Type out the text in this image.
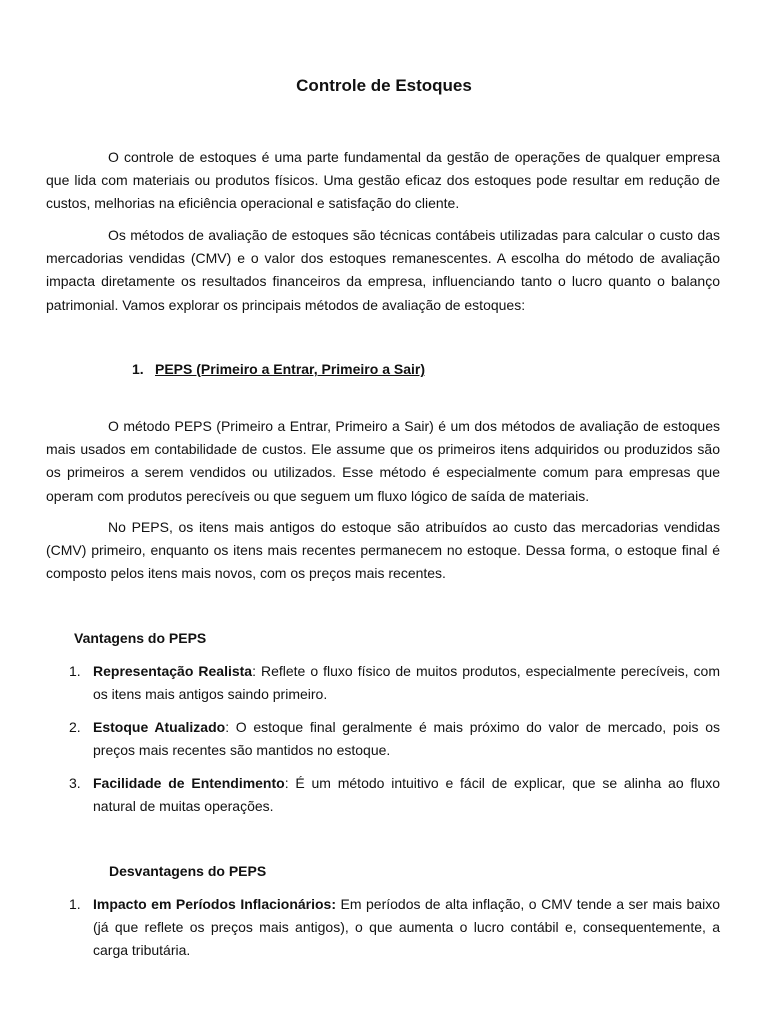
Controle de Estoques

O controle de estoques é uma parte fundamental da gestão de operações de qualquer empresa que lida com materiais ou produtos físicos. Uma gestão eficaz dos estoques pode resultar em redução de custos, melhorias na eficiência operacional e satisfação do cliente.

Os métodos de avaliação de estoques são técnicas contábeis utilizadas para calcular o custo das mercadorias vendidas (CMV) e o valor dos estoques remanescentes. A escolha do método de avaliação impacta diretamente os resultados financeiros da empresa, influenciando tanto o lucro quanto o balanço patrimonial. Vamos explorar os principais métodos de avaliação de estoques:

1. PEPS (Primeiro a Entrar, Primeiro a Sair)

O método PEPS (Primeiro a Entrar, Primeiro a Sair) é um dos métodos de avaliação de estoques mais usados em contabilidade de custos. Ele assume que os primeiros itens adquiridos ou produzidos são os primeiros a serem vendidos ou utilizados. Esse método é especialmente comum para empresas que operam com produtos perecíveis ou que seguem um fluxo lógico de saída de materiais.

No PEPS, os itens mais antigos do estoque são atribuídos ao custo das mercadorias vendidas (CMV) primeiro, enquanto os itens mais recentes permanecem no estoque. Dessa forma, o estoque final é composto pelos itens mais novos, com os preços mais recentes.

Vantagens do PEPS
1. Representação Realista: Reflete o fluxo físico de muitos produtos, especialmente perecíveis, com os itens mais antigos saindo primeiro.

2. Estoque Atualizado: O estoque final geralmente é mais próximo do valor de mercado, pois os preços mais recentes são mantidos no estoque.

3. Facilidade de Entendimento: É um método intuitivo e fácil de explicar, que se alinha ao fluxo natural de muitas operações.

Desvantagens do PEPS
1. Impacto em Períodos Inflacionários: Em períodos de alta inflação, o CMV tende a ser mais baixo (já que reflete os preços mais antigos), o que aumenta o lucro contábil e, consequentemente, a carga tributária.
